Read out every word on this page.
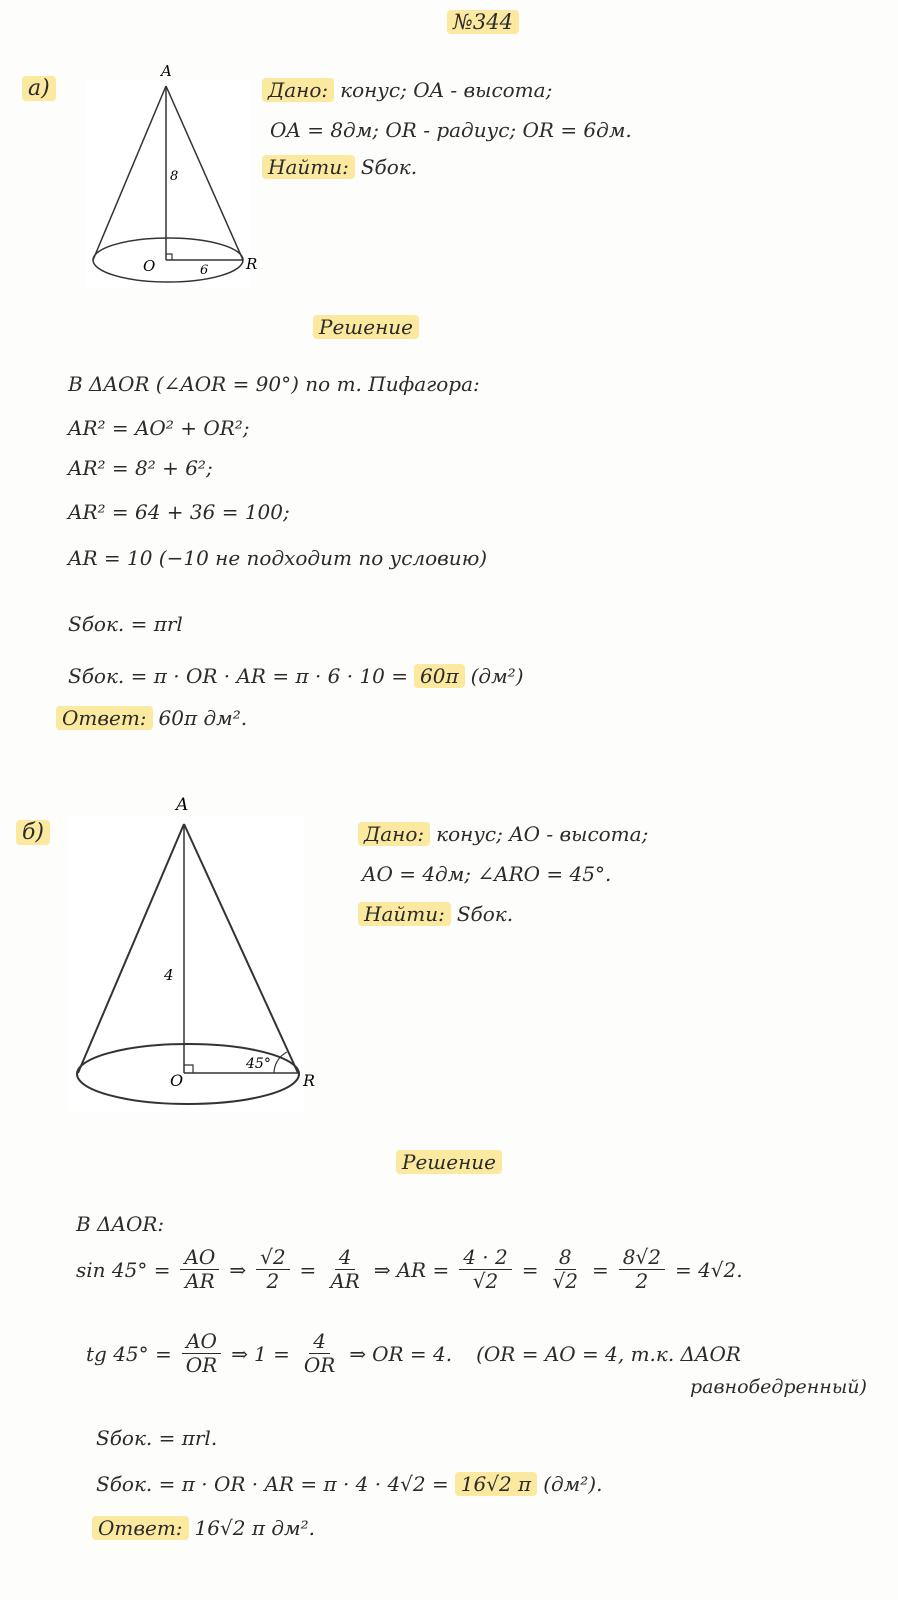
№344
а)
A
O	R
8
6
Дано: конус; OA - высота;
OA = 8дм; OR - радиус; OR = 6дм.
Найти: Sбок.
Решение
В ΔAOR (∠AOR = 90°) по т. Пифагора:
AR² = AO² + OR²;
AR² = 8² + 6²;
AR² = 64 + 36 = 100;
AR = 10 (−10 не подходит по условию)
Sбок. = πrl
Sбок. = π · OR · AR = π · 6 · 10 = 60π (дм²)
Ответ: 60π дм².
б)
A
O	R
4
45°
Дано: конус; AO - высота;
AO = 4дм; ∠ARO = 45°.
Найти: Sбок.
Решение
В ΔAOR:
$\sin 45^\circ = \frac{AO}{AR}$ ⇒ $\frac{√2}{2} = \frac{4}{AR}$ ⇒ AR = $\frac{4 \cdot 2}{√2} = \frac{8}{√2} = \frac{8√2}{2} = 4√2$.
tg $45^\circ = \frac{AO}{OR}$ ⇒ $1 = \frac{4}{OR}$ ⇒ OR = 4. (OR = AO = 4, т.к. ΔAOR
равнобедренный)
Sбок. = πrl.
Sбок. = π · OR · AR = π · 4 · 4√2 = 16√2 π (дм²).
Ответ: 16√2 π дм².
